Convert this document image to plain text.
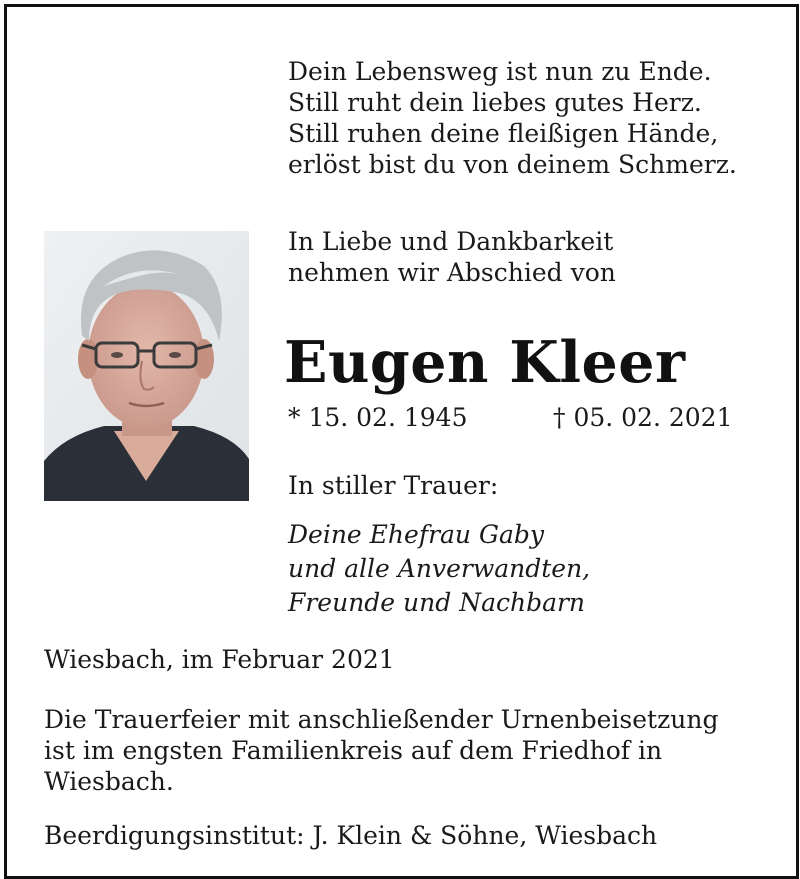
Dein Lebensweg ist nun zu Ende.
Still ruht dein liebes gutes Herz.
Still ruhen deine fleißigen Hände,
erlöst bist du von deinem Schmerz.
In Liebe und Dankbarkeit
nehmen wir Abschied von
Eugen Kleer
* 15. 02. 1945	† 05. 02. 2021
In stiller Trauer:
Deine Ehefrau Gaby
und alle Anverwandten,
Freunde und Nachbarn
Wiesbach, im Februar 2021
Die Trauerfeier mit anschließender Urnenbeisetzung
ist im engsten Familienkreis auf dem Friedhof in
Wiesbach.
Beerdigungsinstitut: J. Klein & Söhne, Wiesbach
